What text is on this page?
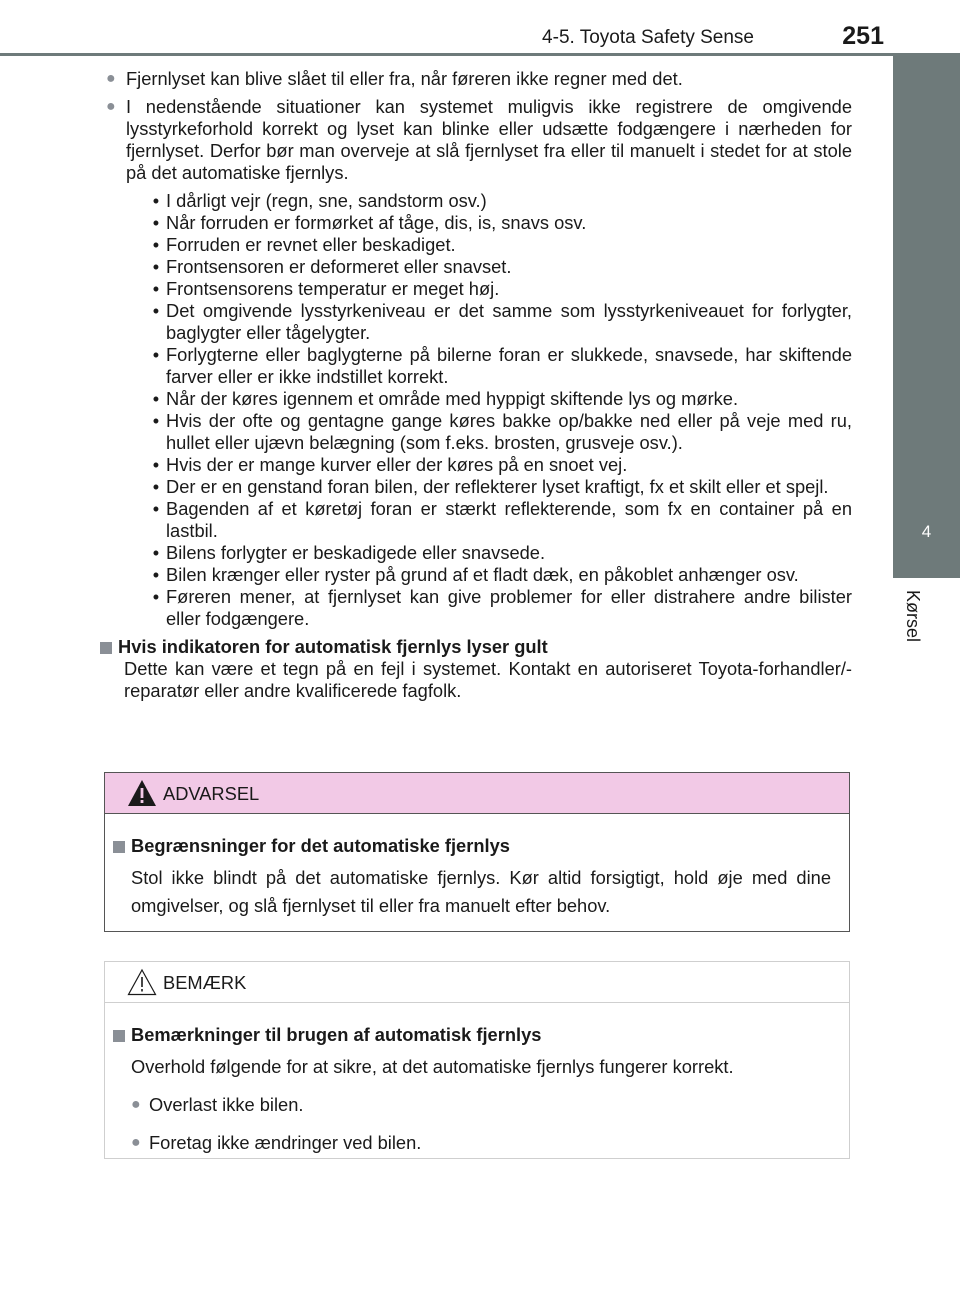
4-5. Toyota Safety Sense	251
4
Kørsel
● Fjernlyset kan blive slået til eller fra, når føreren ikke regner med det.
● I nedenstående situationer kan systemet muligvis ikke registrere de omgivende lysstyrkeforhold korrekt og lyset kan blinke eller udsætte fodgængere i nærheden for fjernlyset. Derfor bør man overveje at slå fjernlyset fra eller til manuelt i stedet for at stole på det automatiske fjernlys.
• I dårligt vejr (regn, sne, sandstorm osv.)
• Når forruden er formørket af tåge, dis, is, snavs osv.
• Forruden er revnet eller beskadiget.
• Frontsensoren er deformeret eller snavset.
• Frontsensorens temperatur er meget høj.
• Det omgivende lysstyrkeniveau er det samme som lysstyrkeniveauet for forlygter, baglygter eller tågelygter.
• Forlygterne eller baglygterne på bilerne foran er slukkede, snavsede, har skiftende farver eller er ikke indstillet korrekt.
• Når der køres igennem et område med hyppigt skiftende lys og mørke.
• Hvis der ofte og gentagne gange køres bakke op/bakke ned eller på veje med ru, hullet eller ujævn belægning (som f.eks. brosten, grusveje osv.).
• Hvis der er mange kurver eller der køres på en snoet vej.
• Der er en genstand foran bilen, der reflekterer lyset kraftigt, fx et skilt eller et spejl.
• Bagenden af et køretøj foran er stærkt reflekterende, som fx en container på en lastbil.
• Bilens forlygter er beskadigede eller snavsede.
• Bilen krænger eller ryster på grund af et fladt dæk, en påkoblet anhænger osv.
• Føreren mener, at fjernlyset kan give problemer for eller distrahere andre bilister eller fodgængere.
Hvis indikatoren for automatisk fjernlys lyser gult
Dette kan være et tegn på en fejl i systemet. Kontakt en autoriseret Toyota-forhandler/-reparatør eller andre kvalificerede fagfolk.
ADVARSEL
Begrænsninger for det automatiske fjernlys
Stol ikke blindt på det automatiske fjernlys. Kør altid forsigtigt, hold øje med dine omgivelser, og slå fjernlyset til eller fra manuelt efter behov.
BEMÆRK
Bemærkninger til brugen af automatisk fjernlys
Overhold følgende for at sikre, at det automatiske fjernlys fungerer korrekt.
● Overlast ikke bilen.
● Foretag ikke ændringer ved bilen.
